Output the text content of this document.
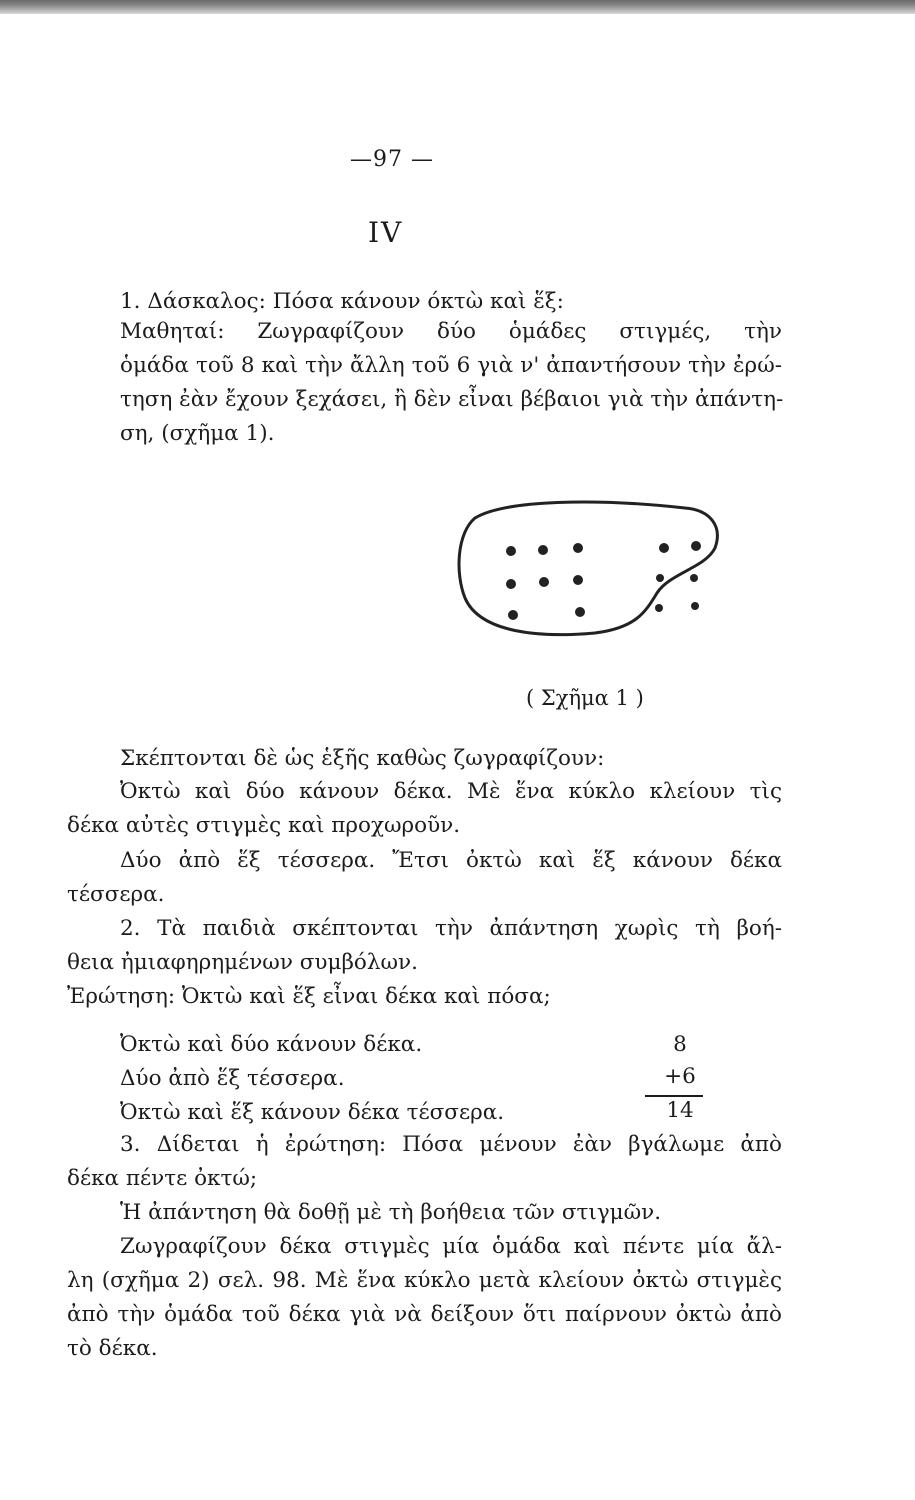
—97 —
IV
1. Δάσκαλος: Πόσα κάνουν όκτὼ καὶ ἕξ:
Μαθηταί: Ζωγραφίζουν δύο ὁμάδες στιγμές, τὴν
ὁμάδα τοῦ 8 καὶ τὴν ἄλλη τοῦ 6 γιὰ ν' ἀπαντήσουν τὴν ἐρώ-
τηση ἐὰν ἔχουν ξεχάσει, ἢ δὲν εἶναι βέβαιοι γιὰ τὴν ἀπάντη-
ση, (σχῆμα 1).
( Σχῆμα 1 )
Σκέπτονται δὲ ὡς ἑξῆς καθὼς ζωγραφίζουν:
Ὀκτὼ καὶ δύο κάνουν δέκα. Μὲ ἕνα κύκλο κλείουν τὶς
δέκα αὐτὲς στιγμὲς καὶ προχωροῦν.
Δύο ἀπὸ ἕξ τέσσερα. Ἔτσι ὀκτὼ καὶ ἕξ κάνουν δέκα
τέσσερα.
2. Τὰ παιδιὰ σκέπτονται τὴν ἀπάντηση χωρὶς τὴ βοή-
θεια ἠμιαφηρημένων συμβόλων.
Ἐρώτηση: Ὀκτὼ καὶ ἕξ εἶναι δέκα καὶ πόσα;
Ὀκτὼ καὶ δύο κάνουν δέκα.
Δύο ἀπὸ ἕξ τέσσερα.
Ὀκτὼ καὶ ἕξ κάνουν δέκα τέσσερα.
8
+6
14
3. Δίδεται ἡ ἐρώτηση: Πόσα μένουν ἐὰν βγάλωμε ἀπὸ
δέκα πέντε ὀκτώ;
Ἡ ἀπάντηση θὰ δοθῇ μὲ τὴ βοήθεια τῶν στιγμῶν.
Ζωγραφίζουν δέκα στιγμὲς μία ὁμάδα καὶ πέντε μία ἄλ-
λη (σχῆμα 2) σελ. 98. Μὲ ἕνα κύκλο μετὰ κλείουν ὀκτὼ στιγμὲς
ἀπὸ τὴν ὁμάδα τοῦ δέκα γιὰ νὰ δείξουν ὅτι παίρνουν ὀκτὼ ἀπὸ
τὸ δέκα.
